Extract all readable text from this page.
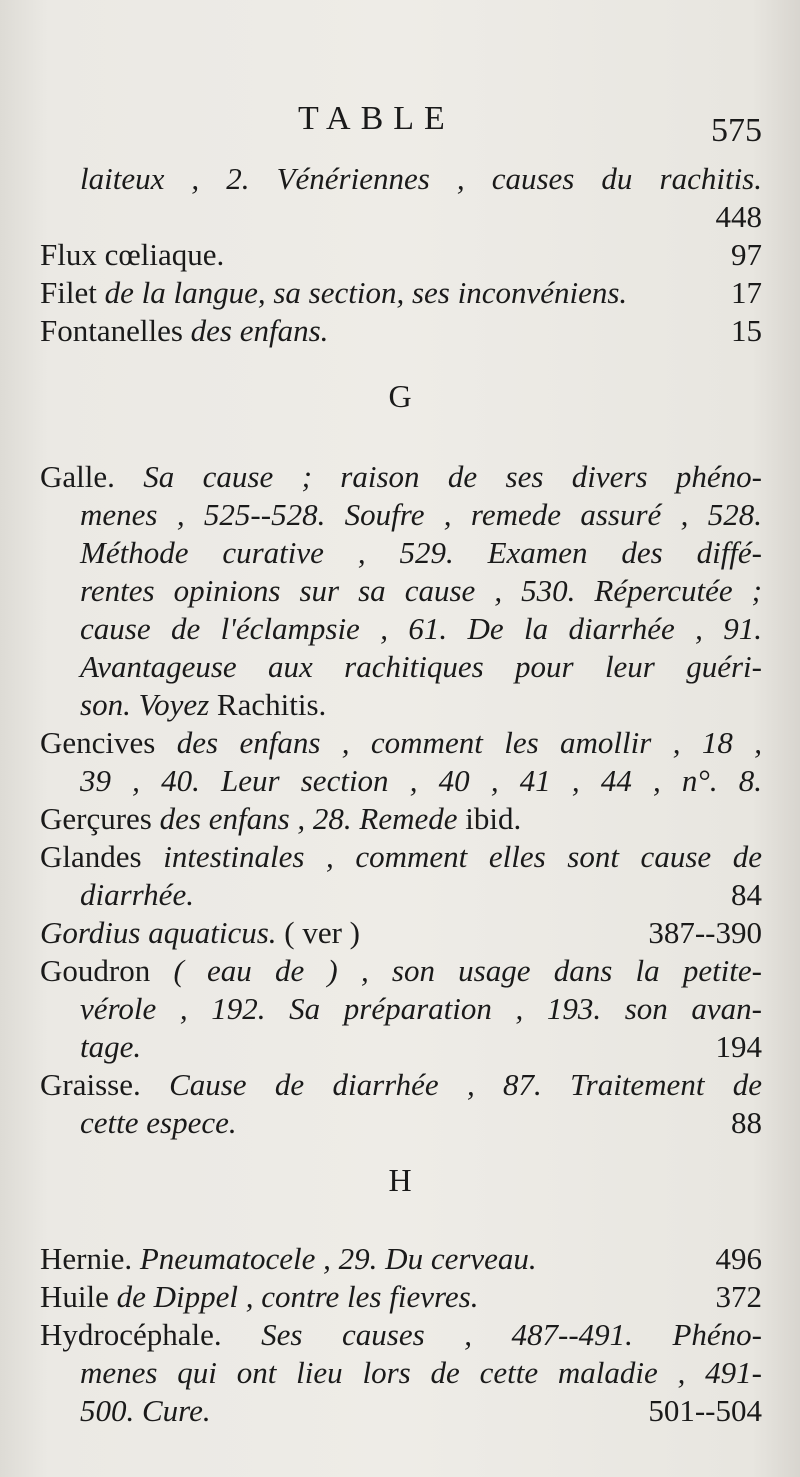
TABLE	575
laiteux , 2. Vénériennes , causes du rachitis.
448
Flux cœliaque.	97
Filet de la langue, sa section, ses inconvéniens.	17
Fontanelles des enfans.	15
G
Galle. Sa cause ; raison de ses divers phéno-
menes , 525--528. Soufre , remede assuré , 528.
Méthode curative , 529. Examen des diffé-
rentes opinions sur sa cause , 530. Répercutée ;
cause de l'éclampsie , 61. De la diarrhée , 91.
Avantageuse aux rachitiques pour leur guéri-
son. Voyez Rachitis.
Gencives des enfans , comment les amollir , 18 ,
39 , 40. Leur section , 40 , 41 , 44 , n°. 8.
Gerçures des enfans , 28. Remede ibid.
Glandes intestinales , comment elles sont cause de
diarrhée.	84
Gordius aquaticus. ( ver )	387--390
Goudron ( eau de ) , son usage dans la petite-
vérole , 192. Sa préparation , 193. son avan-
tage.	194
Graisse. Cause de diarrhée , 87. Traitement de
cette espece.	88
H
Hernie. Pneumatocele , 29. Du cerveau.	496
Huile de Dippel , contre les fievres.	372
Hydrocéphale. Ses causes , 487--491. Phéno-
menes qui ont lieu lors de cette maladie , 491-
500. Cure.	501--504
